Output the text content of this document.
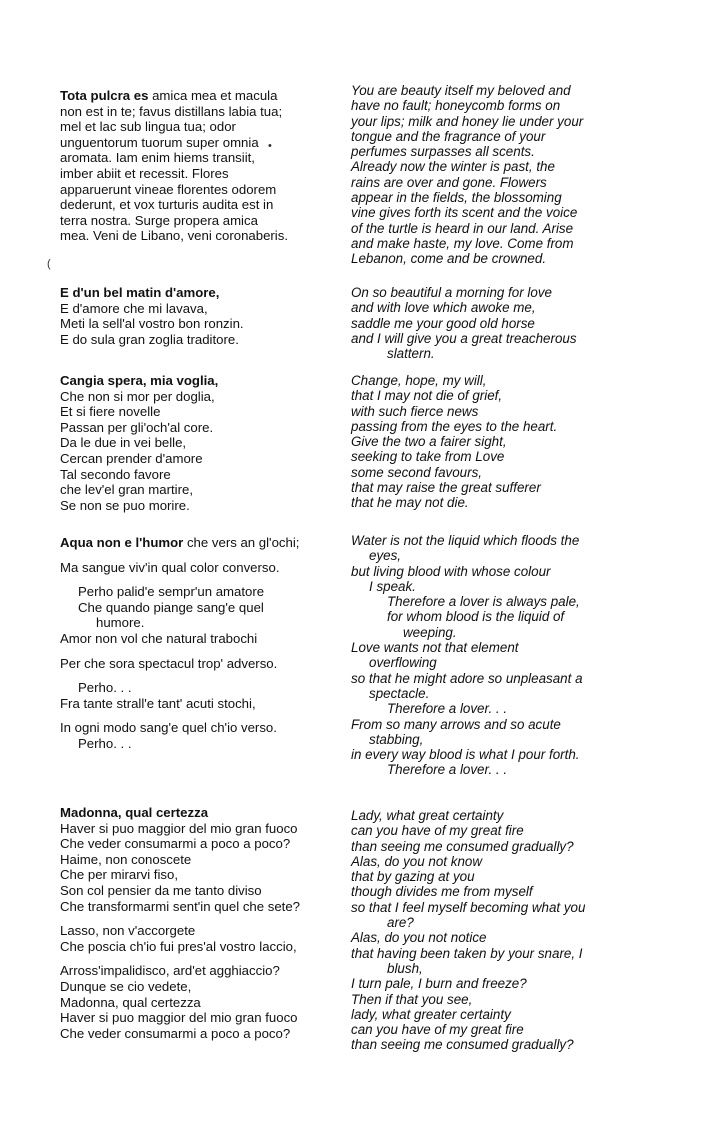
Tota pulcra es amica mea et macula
non est in te; favus distillans labia tua;
mel et lac sub lingua tua; odor
unguentorum tuorum super omnia
aromata. Iam enim hiems transiit,
imber abiit et recessit. Flores
apparuerunt vineae florentes odorem
dederunt, et vox turturis audita est in
terra nostra. Surge propera amica
mea. Veni de Libano, veni coronaberis.
You are beauty itself my beloved and
have no fault; honeycomb forms on
your lips; milk and honey lie under your
tongue and the fragrance of your
perfumes surpasses all scents.
Already now the winter is past, the
rains are over and gone. Flowers
appear in the fields, the blossoming
vine gives forth its scent and the voice
of the turtle is heard in our land. Arise
and make haste, my love. Come from
Lebanon, come and be crowned.
E d'un bel matin d'amore,
E d'amore che mi lavava,
Meti la sell'al vostro bon ronzin.
E do sula gran zoglia traditore.
On so beautiful a morning for love
and with love which awoke me,
saddle me your good old horse
and I will give you a great treacherous
slattern.
Cangia spera, mia voglia,
Che non si mor per doglia,
Et si fiere novelle
Passan per gli'och'al core.
Da le due in vei belle,
Cercan prender d'amore
Tal secondo favore
che lev'el gran martire,
Se non se puo morire.
Change, hope, my will,
that I may not die of grief,
with such fierce news
passing from the eyes to the heart.
Give the two a fairer sight,
seeking to take from Love
some second favours,
that may raise the great sufferer
that he may not die.
Aqua non e l'humor che vers an gl'ochi;
Ma sangue viv'in qual color converso.
Perho palid'e sempr'un amatore
Che quando piange sang'e quel
humore.
Amor non vol che natural trabochi
Per che sora spectacul trop' adverso.
Perho. . .
Fra tante strall'e tant' acuti stochi,
In ogni modo sang'e quel ch'io verso.
Perho. . .
Water is not the liquid which floods the
eyes,
but living blood with whose colour
I speak.
Therefore a lover is always pale,
for whom blood is the liquid of
weeping.
Love wants not that element
overflowing
so that he might adore so unpleasant a
spectacle.
Therefore a lover. . .
From so many arrows and so acute
stabbing,
in every way blood is what I pour forth.
Therefore a lover. . .
Madonna, qual certezza
Haver si puo maggior del mio gran fuoco
Che veder consumarmi a poco a poco?
Haime, non conoscete
Che per mirarvi fiso,
Son col pensier da me tanto diviso
Che transformarmi sent'in quel che sete?
Lasso, non v'accorgete
Che poscia ch'io fui pres'al vostro laccio,
Arross'impalidisco, ard'et agghiaccio?
Dunque se cio vedete,
Madonna, qual certezza
Haver si puo maggior del mio gran fuoco
Che veder consumarmi a poco a poco?
Lady, what great certainty
can you have of my great fire
than seeing me consumed gradually?
Alas, do you not know
that by gazing at you
though divides me from myself
so that I feel myself becoming what you
are?
Alas, do you not notice
that having been taken by your snare, I
blush,
I turn pale, I burn and freeze?
Then if that you see,
lady, what greater certainty
can you have of my great fire
than seeing me consumed gradually?
•
(
